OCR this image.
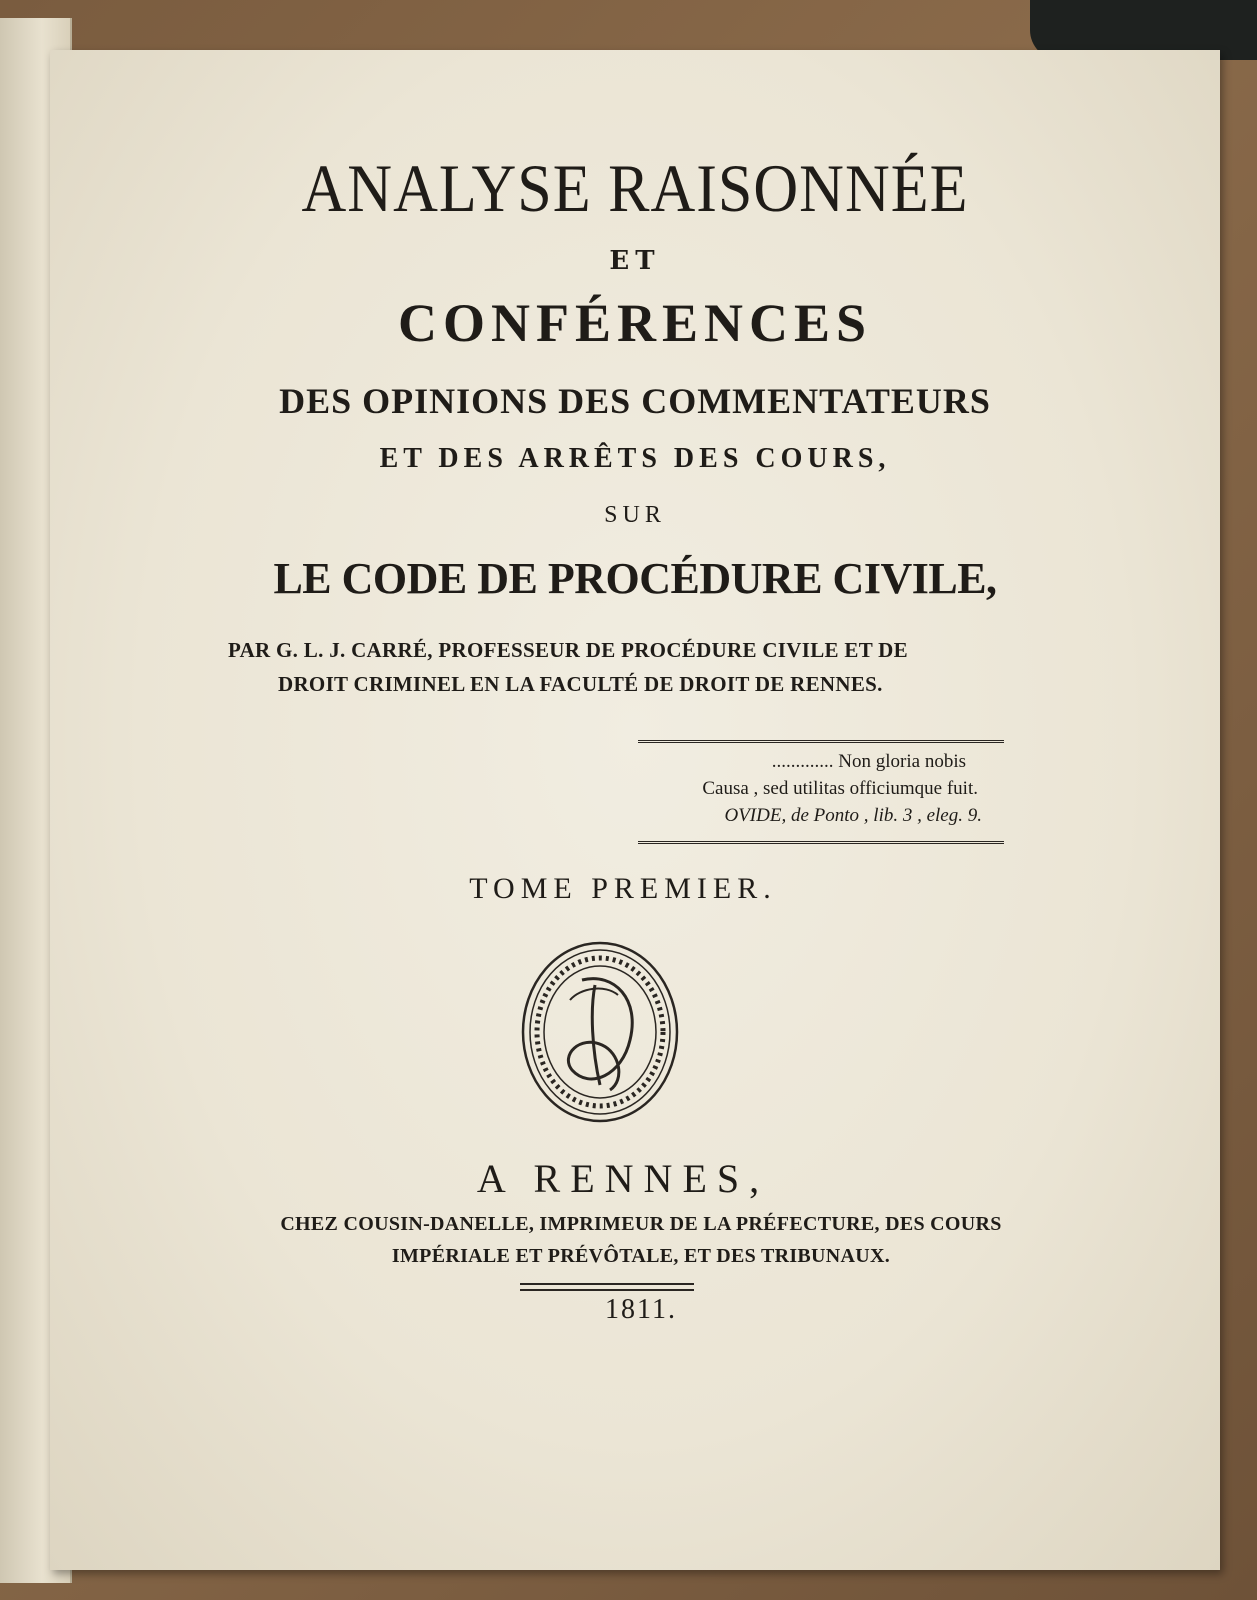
ANALYSE RAISONNÉE
ET
CONFÉRENCES
DES OPINIONS DES COMMENTATEURS
ET DES ARRÊTS DES COURS,
SUR
LE CODE DE PROCÉDURE CIVILE,
PAR G. L. J. CARRÉ, PROFESSEUR DE PROCÉDURE CIVILE ET DE
DROIT CRIMINEL EN LA FACULTÉ DE DROIT DE RENNES.
............. Non gloria nobis
Causa , sed utilitas officiumque fuit.
OVIDE, de Ponto , lib. 3 , eleg. 9.
TOME PREMIER.
A RENNES,
CHEZ COUSIN-DANELLE, IMPRIMEUR DE LA PRÉFECTURE, DES COURS
IMPÉRIALE ET PRÉVÔTALE, ET DES TRIBUNAUX.
1811.
